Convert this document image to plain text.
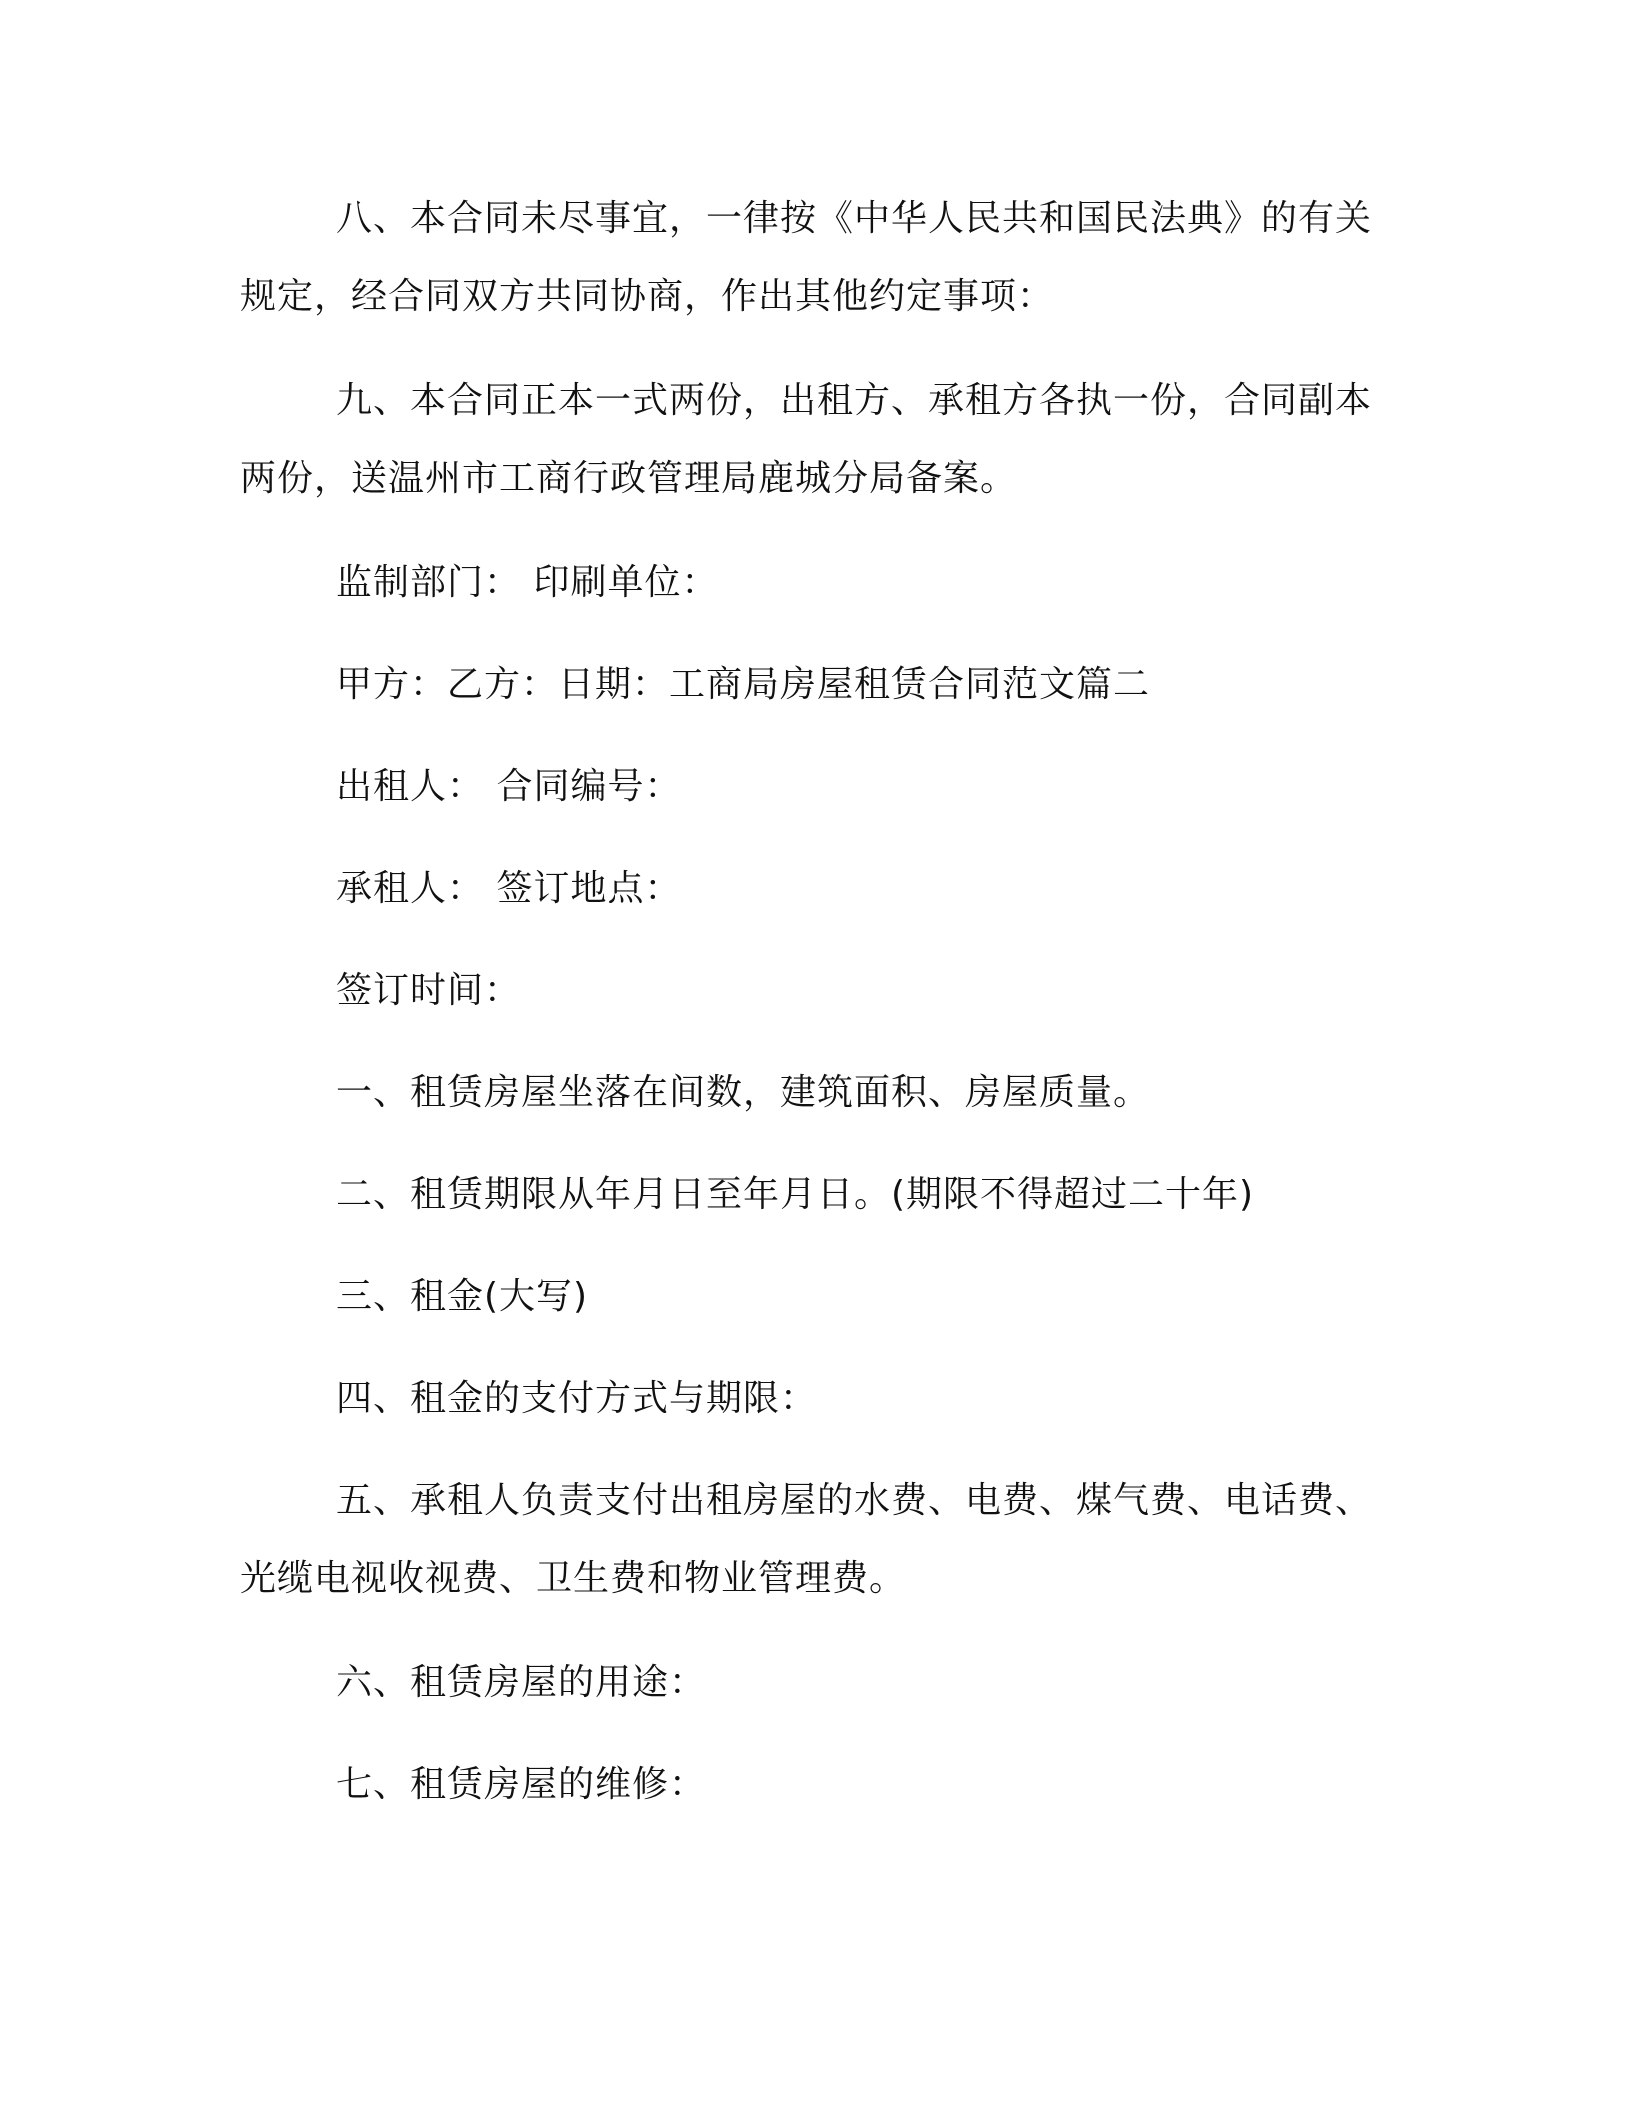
八、本合同未尽事宜，一律按《中华人民共和国民法典》的有关规定，经合同双方共同协商，作出其他约定事项：

九、本合同正本一式两份，出租方、承租方各执一份，合同副本两份，送温州市工商行政管理局鹿城分局备案。

监制部门： 印刷单位：

甲方：乙方：日期：工商局房屋租赁合同范文篇二

出租人： 合同编号：

承租人： 签订地点：

签订时间：

一、租赁房屋坐落在间数，建筑面积、房屋质量。

二、租赁期限从年月日至年月日。(期限不得超过二十年)

三、租金(大写)

四、租金的支付方式与期限：

五、承租人负责支付出租房屋的水费、电费、煤气费、电话费、光缆电视收视费、卫生费和物业管理费。

六、租赁房屋的用途：

七、租赁房屋的维修：
